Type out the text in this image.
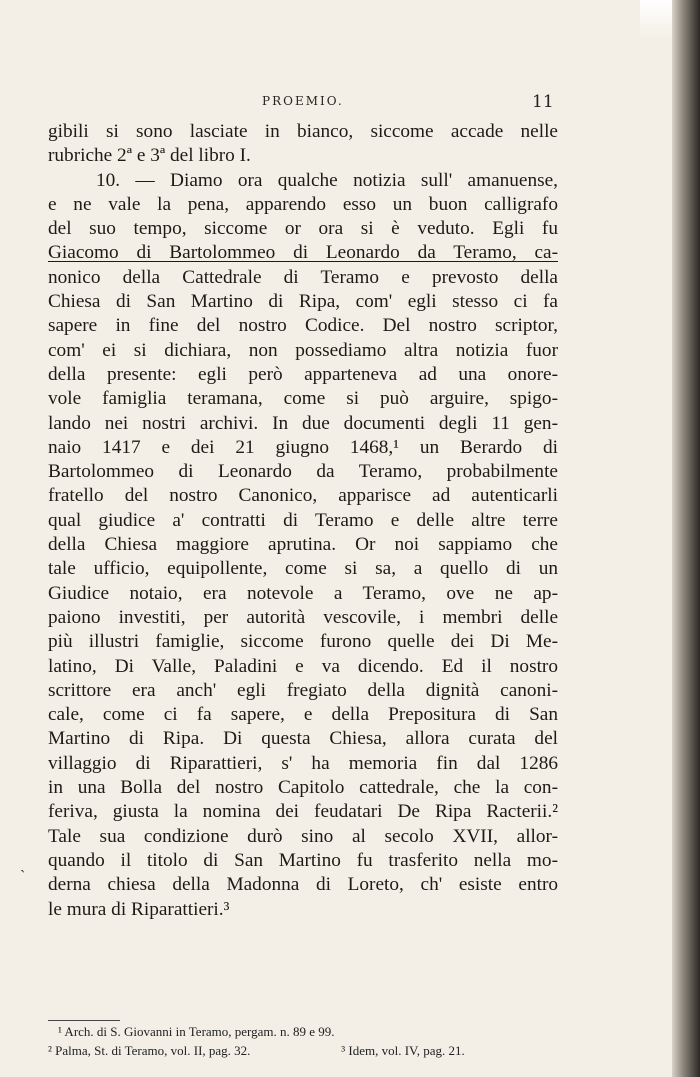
PROEMIO.	11
gibili si sono lasciate in bianco, siccome accade nelle
rubriche 2ª e 3ª del libro I.
10. — Diamo ora qualche notizia sull' amanuense,
e ne vale la pena, apparendo esso un buon calligrafo
del suo tempo, siccome or ora si è veduto. Egli fu
Giacomo di Bartolommeo di Leonardo da Teramo, ca-
nonico della Cattedrale di Teramo e prevosto della
Chiesa di San Martino di Ripa, com' egli stesso ci fa
sapere in fine del nostro Codice. Del nostro scriptor,
com' ei si dichiara, non possediamo altra notizia fuor
della presente: egli però apparteneva ad una onore-
vole famiglia teramana, come si può arguire, spigo-
lando nei nostri archivi. In due documenti degli 11 gen-
naio 1417 e dei 21 giugno 1468,¹ un Berardo di
Bartolommeo di Leonardo da Teramo, probabilmente
fratello del nostro Canonico, apparisce ad autenticarli
qual giudice a' contratti di Teramo e delle altre terre
della Chiesa maggiore aprutina. Or noi sappiamo che
tale ufficio, equipollente, come si sa, a quello di un
Giudice notaio, era notevole a Teramo, ove ne ap-
paiono investiti, per autorità vescovile, i membri delle
più illustri famiglie, siccome furono quelle dei Di Me-
latino, Di Valle, Paladini e va dicendo. Ed il nostro
scrittore era anch' egli fregiato della dignità canoni-
cale, come ci fa sapere, e della Prepositura di San
Martino di Ripa. Di questa Chiesa, allora curata del
villaggio di Riparattieri, s' ha memoria fin dal 1286
in una Bolla del nostro Capitolo cattedrale, che la con-
feriva, giusta la nomina dei feudatari De Ripa Racterii.²
Tale sua condizione durò sino al secolo XVII, allor-
quando il titolo di San Martino fu trasferito nella mo-
derna chiesa della Madonna di Loreto, ch' esiste entro
le mura di Riparattieri.³
`
¹ Arch. di S. Giovanni in Teramo, pergam. n. 89 e 99.
² Palma, St. di Teramo, vol. II, pag. 32.	³ Idem, vol. IV, pag. 21.
